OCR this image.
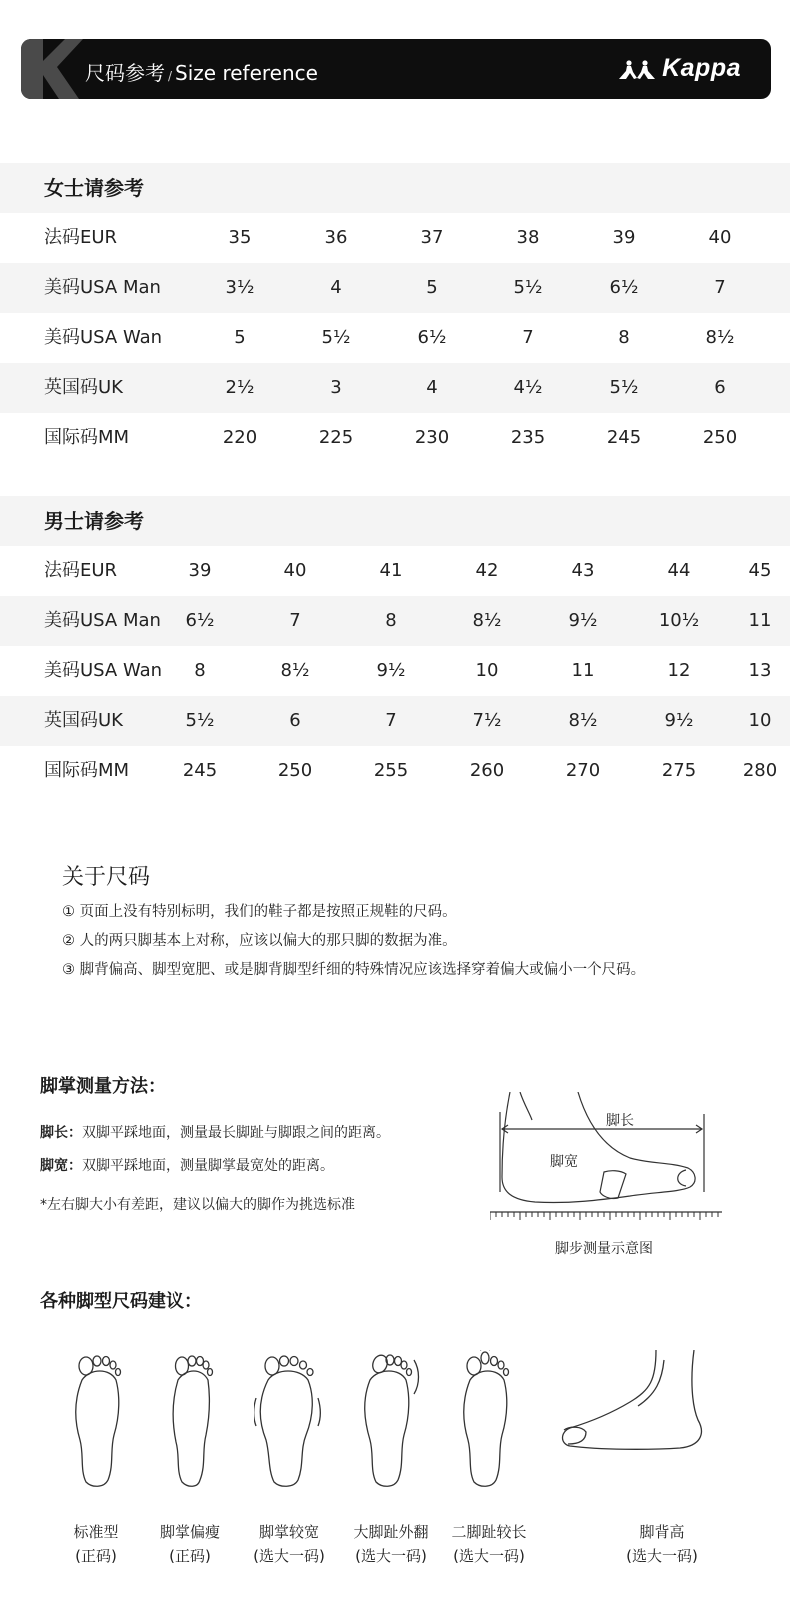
尺码参考 / Size reference	Kappa
女士请参考
法码EUR	35	36	37	38	39	40
美码USA Man	3½	4	5	5½	6½	7
美码USA Wan	5	5½	6½	7	8	8½
英国码UK	2½	3	4	4½	5½	6
国际码MM	220	225	230	235	245	250
男士请参考
法码EUR	39	40	41	42	43	44	45
美码USA Man	6½	7	8	8½	9½	10½	11
美码USA Wan	8	8½	9½	10	11	12	13
英国码UK	5½	6	7	7½	8½	9½	10
国际码MM	245	250	255	260	270	275	280
关于尺码
① 页面上没有特别标明，我们的鞋子都是按照正规鞋的尺码。
② 人的两只脚基本上对称，应该以偏大的那只脚的数据为准。
③ 脚背偏高、脚型宽肥、或是脚背脚型纤细的特殊情况应该选择穿着偏大或偏小一个尺码。
脚掌测量方法：
脚长：双脚平踩地面，测量最长脚趾与脚跟之间的距离。
脚宽：双脚平踩地面，测量脚掌最宽处的距离。
*左右脚大小有差距，建议以偏大的脚作为挑选标准
脚长
脚宽
脚步测量示意图
各种脚型尺码建议：
标准型
(正码)
脚掌偏瘦
(正码)
脚掌较宽
(选大一码)
大脚趾外翻
(选大一码)
二脚趾较长
(选大一码)
脚背高
(选大一码)
